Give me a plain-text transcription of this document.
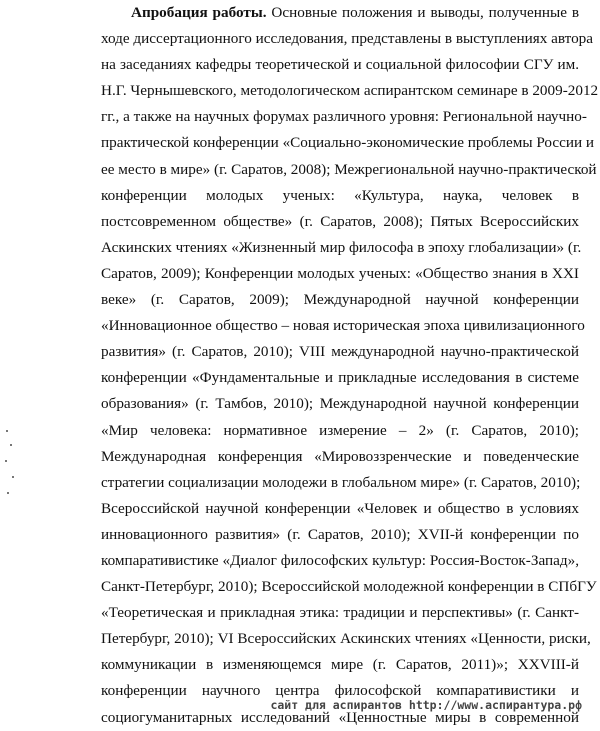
Апробация работы. Основные положения и выводы, полученные в
ходе диссертационного исследования, представлены в выступлениях автора
на заседаниях кафедры теоретической и социальной философии СГУ им.
Н.Г. Чернышевского, методологическом аспирантском семинаре в 2009-2012
гг., а также на научных форумах различного уровня: Региональной научно-
практической конференции «Социально-экономические проблемы России и
ее место в мире» (г. Саратов, 2008); Межрегиональной научно-практической
конференции молодых ученых: «Культура, наука, человек в
постсовременном обществе» (г. Саратов, 2008); Пятых Всероссийских
Аскинских чтениях «Жизненный мир философа в эпоху глобализации» (г.
Саратов, 2009); Конференции молодых ученых: «Общество знания в XXI
веке» (г. Саратов, 2009); Международной научной конференции
«Инновационное общество – новая историческая эпоха цивилизационного
развития» (г. Саратов, 2010); VIII международной научно-практической
конференции «Фундаментальные и прикладные исследования в системе
образования» (г. Тамбов, 2010); Международной научной конференции
«Мир человека: нормативное измерение – 2» (г. Саратов, 2010);
Международная конференция «Мировоззренческие и поведенческие
стратегии социализации молодежи в глобальном мире» (г. Саратов, 2010);
Всероссийской научной конференции «Человек и общество в условиях
инновационного развития» (г. Саратов, 2010); XVII-й конференции по
компаративистике «Диалог философских культур: Россия-Восток-Запад»,
Санкт-Петербург, 2010); Всероссийской молодежной конференции в СПбГУ
«Теоретическая и прикладная этика: традиции и перспективы» (г. Санкт-
Петербург, 2010); VI Всероссийских Аскинских чтениях «Ценности, риски,
коммуникации в изменяющемся мире (г. Саратов, 2011)»; XXVIII-й
конференции научного центра философской компаративистики и
социогуманитарных исследований «Ценностные миры в современной
сайт для аспирантов http://www.аспирантура.рф
